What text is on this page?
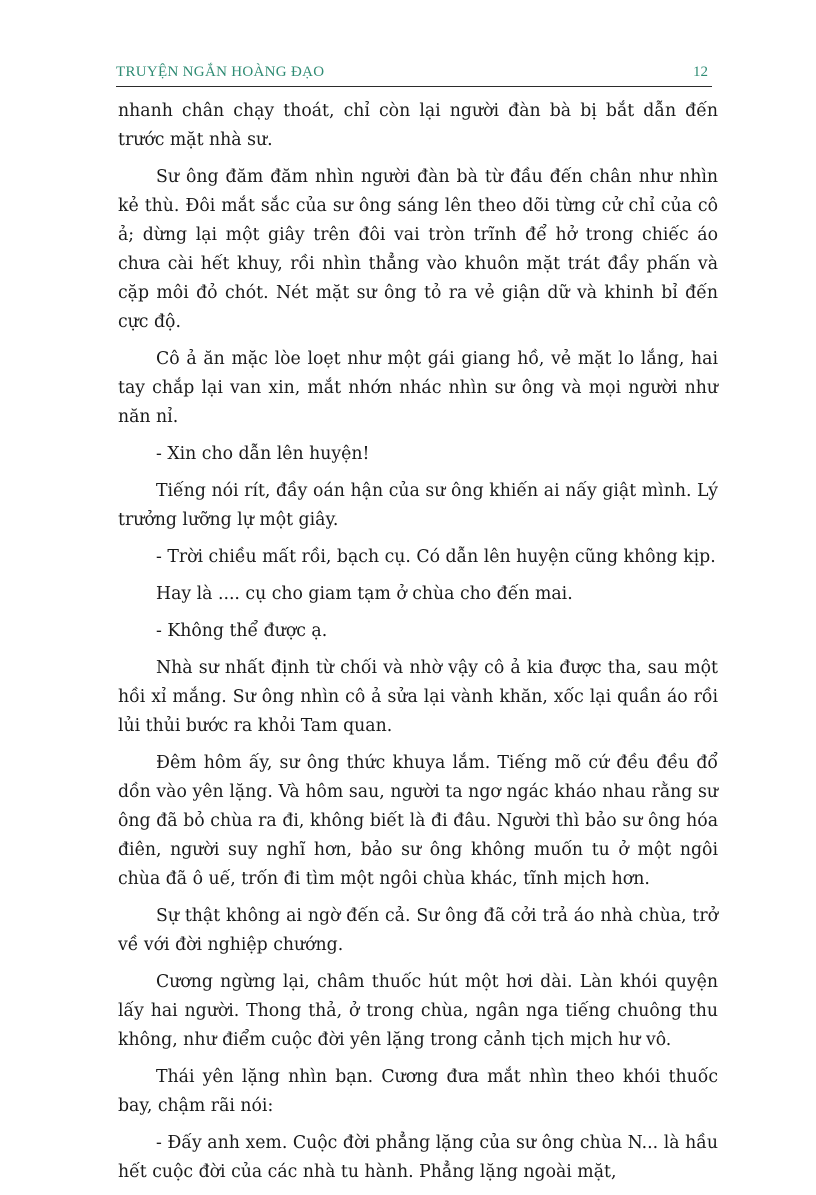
TRUYỆN NGẮN HOÀNG ĐẠO	12

nhanh chân chạy thoát, chỉ còn lại người đàn bà bị bắt dẫn đến trước mặt nhà sư.

Sư ông đăm đăm nhìn người đàn bà từ đầu đến chân như nhìn kẻ thù. Đôi mắt sắc của sư ông sáng lên theo dõi từng cử chỉ của cô ả; dừng lại một giây trên đôi vai tròn trĩnh để hở trong chiếc áo chưa cài hết khuy, rồi nhìn thẳng vào khuôn mặt trát đầy phấn và cặp môi đỏ chót. Nét mặt sư ông tỏ ra vẻ giận dữ và khinh bỉ đến cực độ.

Cô ả ăn mặc lòe loẹt như một gái giang hồ, vẻ mặt lo lắng, hai tay chắp lại van xin, mắt nhớn nhác nhìn sư ông và mọi người như năn nỉ.

- Xin cho dẫn lên huyện!

Tiếng nói rít, đầy oán hận của sư ông khiến ai nấy giật mình. Lý trưởng lưỡng lự một giây.

- Trời chiều mất rồi, bạch cụ. Có dẫn lên huyện cũng không kịp.

Hay là .... cụ cho giam tạm ở chùa cho đến mai.

- Không thể được ạ.

Nhà sư nhất định từ chối và nhờ vậy cô ả kia được tha, sau một hồi xỉ mắng. Sư ông nhìn cô ả sửa lại vành khăn, xốc lại quần áo rồi lủi thủi bước ra khỏi Tam quan.

Đêm hôm ấy, sư ông thức khuya lắm. Tiếng mõ cứ đều đều đổ dồn vào yên lặng. Và hôm sau, người ta ngơ ngác kháo nhau rằng sư ông đã bỏ chùa ra đi, không biết là đi đâu. Người thì bảo sư ông hóa điên, người suy nghĩ hơn, bảo sư ông không muốn tu ở một ngôi chùa đã ô uế, trốn đi tìm một ngôi chùa khác, tĩnh mịch hơn.

Sự thật không ai ngờ đến cả. Sư ông đã cởi trả áo nhà chùa, trở về với đời nghiệp chướng.

Cương ngừng lại, châm thuốc hút một hơi dài. Làn khói quyện lấy hai người. Thong thả, ở trong chùa, ngân nga tiếng chuông thu không, như điểm cuộc đời yên lặng trong cảnh tịch mịch hư vô.

Thái yên lặng nhìn bạn. Cương đưa mắt nhìn theo khói thuốc bay, chậm rãi nói:

- Đấy anh xem. Cuộc đời phẳng lặng của sư ông chùa N... là hầu hết cuộc đời của các nhà tu hành. Phẳng lặng ngoài mặt,
